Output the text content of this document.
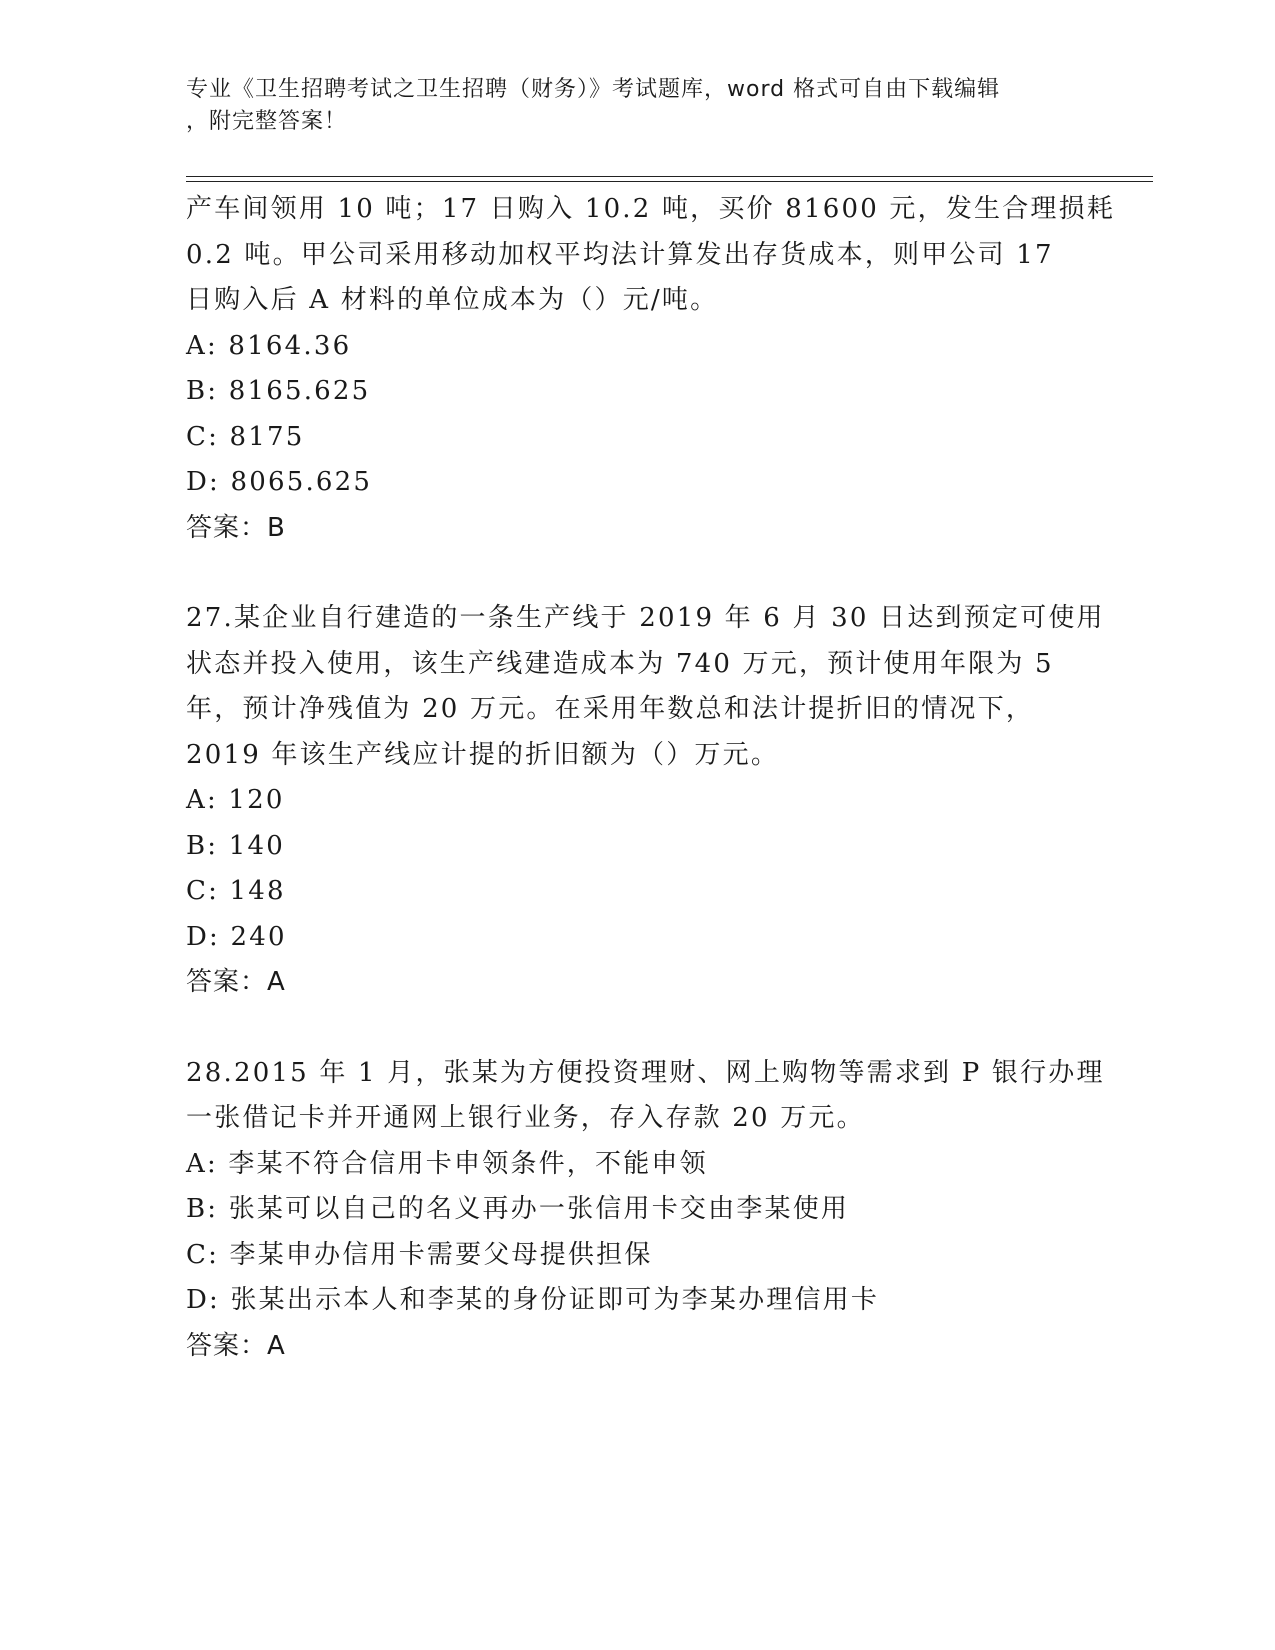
专业《卫生招聘考试之卫生招聘（财务）》考试题库，word 格式可自由下载编辑
，附完整答案！
产车间领用 10 吨；17 日购入 10.2 吨，买价 81600 元，发生合理损耗
0.2 吨。甲公司采用移动加权平均法计算发出存货成本，则甲公司 17
日购入后 A 材料的单位成本为（）元/吨。
A: 8164.36
B: 8165.625
C: 8175
D: 8065.625
答案：B
27.某企业自行建造的一条生产线于 2019 年 6 月 30 日达到预定可使用
状态并投入使用，该生产线建造成本为 740 万元，预计使用年限为 5
年，预计净残值为 20 万元。在采用年数总和法计提折旧的情况下，
2019 年该生产线应计提的折旧额为（）万元。
A: 120
B: 140
C: 148
D: 240
答案：A
28.2015 年 1 月，张某为方便投资理财、网上购物等需求到 P 银行办理
一张借记卡并开通网上银行业务，存入存款 20 万元。
A: 李某不符合信用卡申领条件，不能申领
B: 张某可以自己的名义再办一张信用卡交由李某使用
C: 李某申办信用卡需要父母提供担保
D: 张某出示本人和李某的身份证即可为李某办理信用卡
答案：A
